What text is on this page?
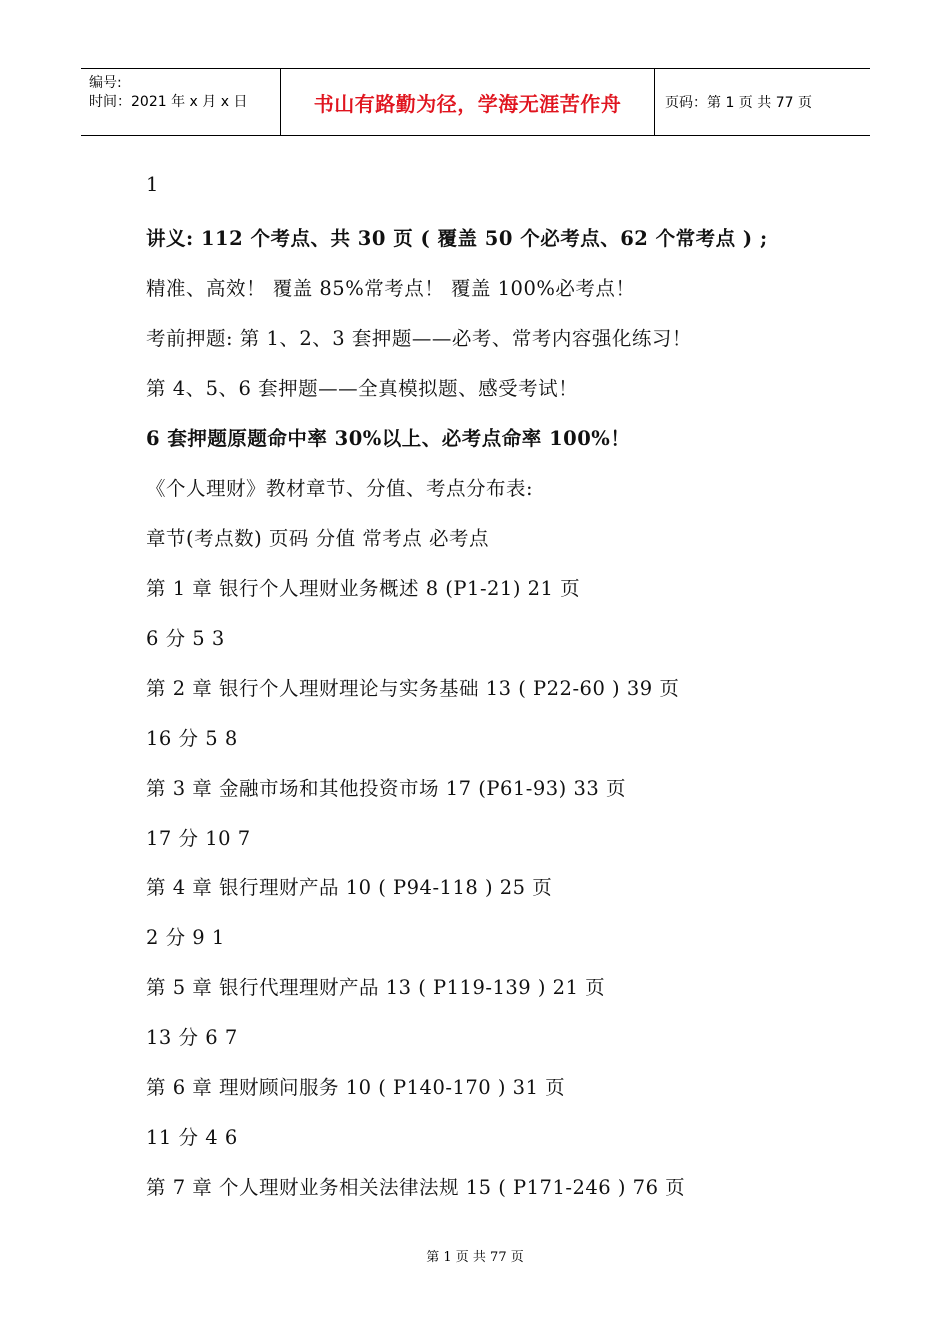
编号:
时间：2021 年 x 月 x 日	书山有路勤为径，学海无涯苦作舟	页码：第 1 页 共 77 页
1
讲义: 112 个考点、共 30 页 ( 覆盖 50 个必考点、62 个常考点 ) ;
精准、高效！ 覆盖 85%常考点！ 覆盖 100%必考点！
考前押题: 第 1、2、3 套押题——必考、常考内容强化练习！
第 4、5、6 套押题——全真模拟题、感受考试！
6 套押题原题命中率 30%以上、必考点命率 100%！
《个人理财》教材章节、分值、考点分布表:
章节(考点数) 页码 分值 常考点 必考点
第 1 章 银行个人理财业务概述 8 (P1-21) 21 页
6 分 5 3
第 2 章 银行个人理财理论与实务基础 13 ( P22-60 ) 39 页
16 分 5 8
第 3 章 金融市场和其他投资市场 17 (P61-93) 33 页
17 分 10 7
第 4 章 银行理财产品 10 ( P94-118 ) 25 页
2 分 9 1
第 5 章 银行代理理财产品 13 ( P119-139 ) 21 页
13 分 6 7
第 6 章 理财顾问服务 10 ( P140-170 ) 31 页
11 分 4 6
第 7 章 个人理财业务相关法律法规 15 ( P171-246 ) 76 页
第 1 页 共 77 页
